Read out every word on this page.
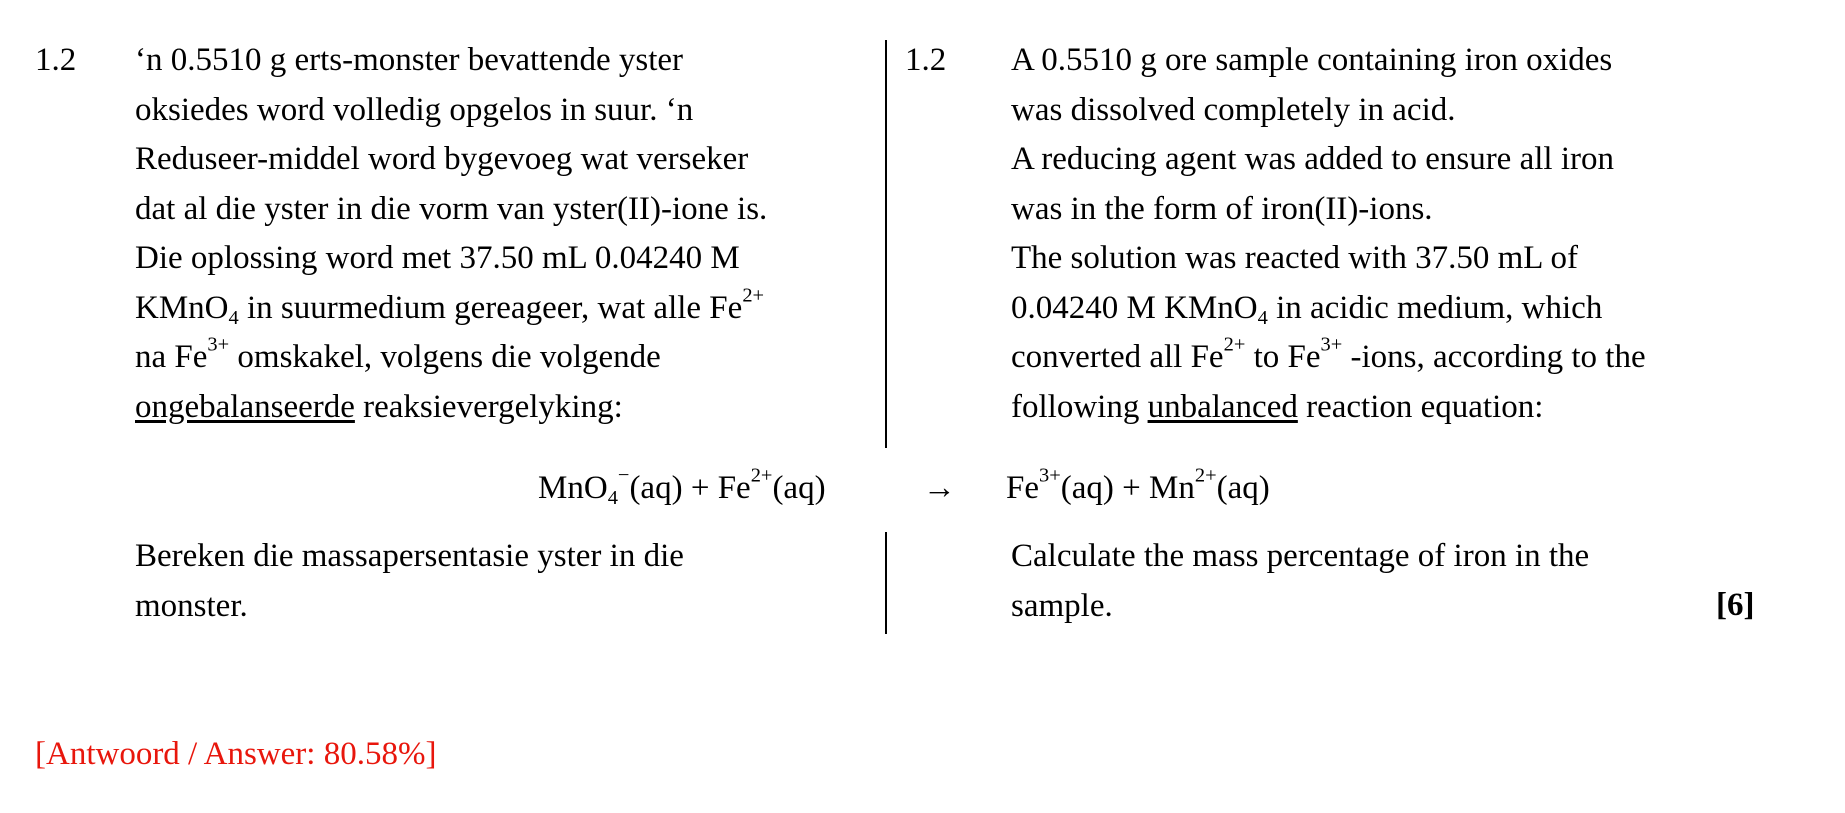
1.2 ‘n 0.5510 g erts-monster bevattende yster
oksiedes word volledig opgelos in suur. ‘n
Reduseer-middel word bygevoeg wat verseker
dat al die yster in die vorm van yster(II)-ione is.
Die oplossing word met 37.50 mL 0.04240 M
KMnO$_4$ in suurmedium gereageer, wat alle $Fe^{2+}$
na $Fe^{3+}$ omskakel, volgens die volgende
ongebalanseerde reaksievergelyking:
1.2 A 0.5510 g ore sample containing iron oxides
was dissolved completely in acid.
A reducing agent was added to ensure all iron
was in the form of iron(II)-ions.
The solution was reacted with 37.50 mL of
0.04240 M KMnO$_4$ in acidic medium, which
converted all $Fe^{2+}$ to $Fe^{3+}$ -ions, according to the
following unbalanced reaction equation:
$MnO_4^-(aq) + Fe^{2+}(aq)$	→ $Fe^{3+}(aq) + Mn^{2+}(aq)$
Bereken die massapersentasie yster in die
monster.
Calculate the mass percentage of iron in the
sample.	[6]
[Antwoord / Answer: 80.58%]
